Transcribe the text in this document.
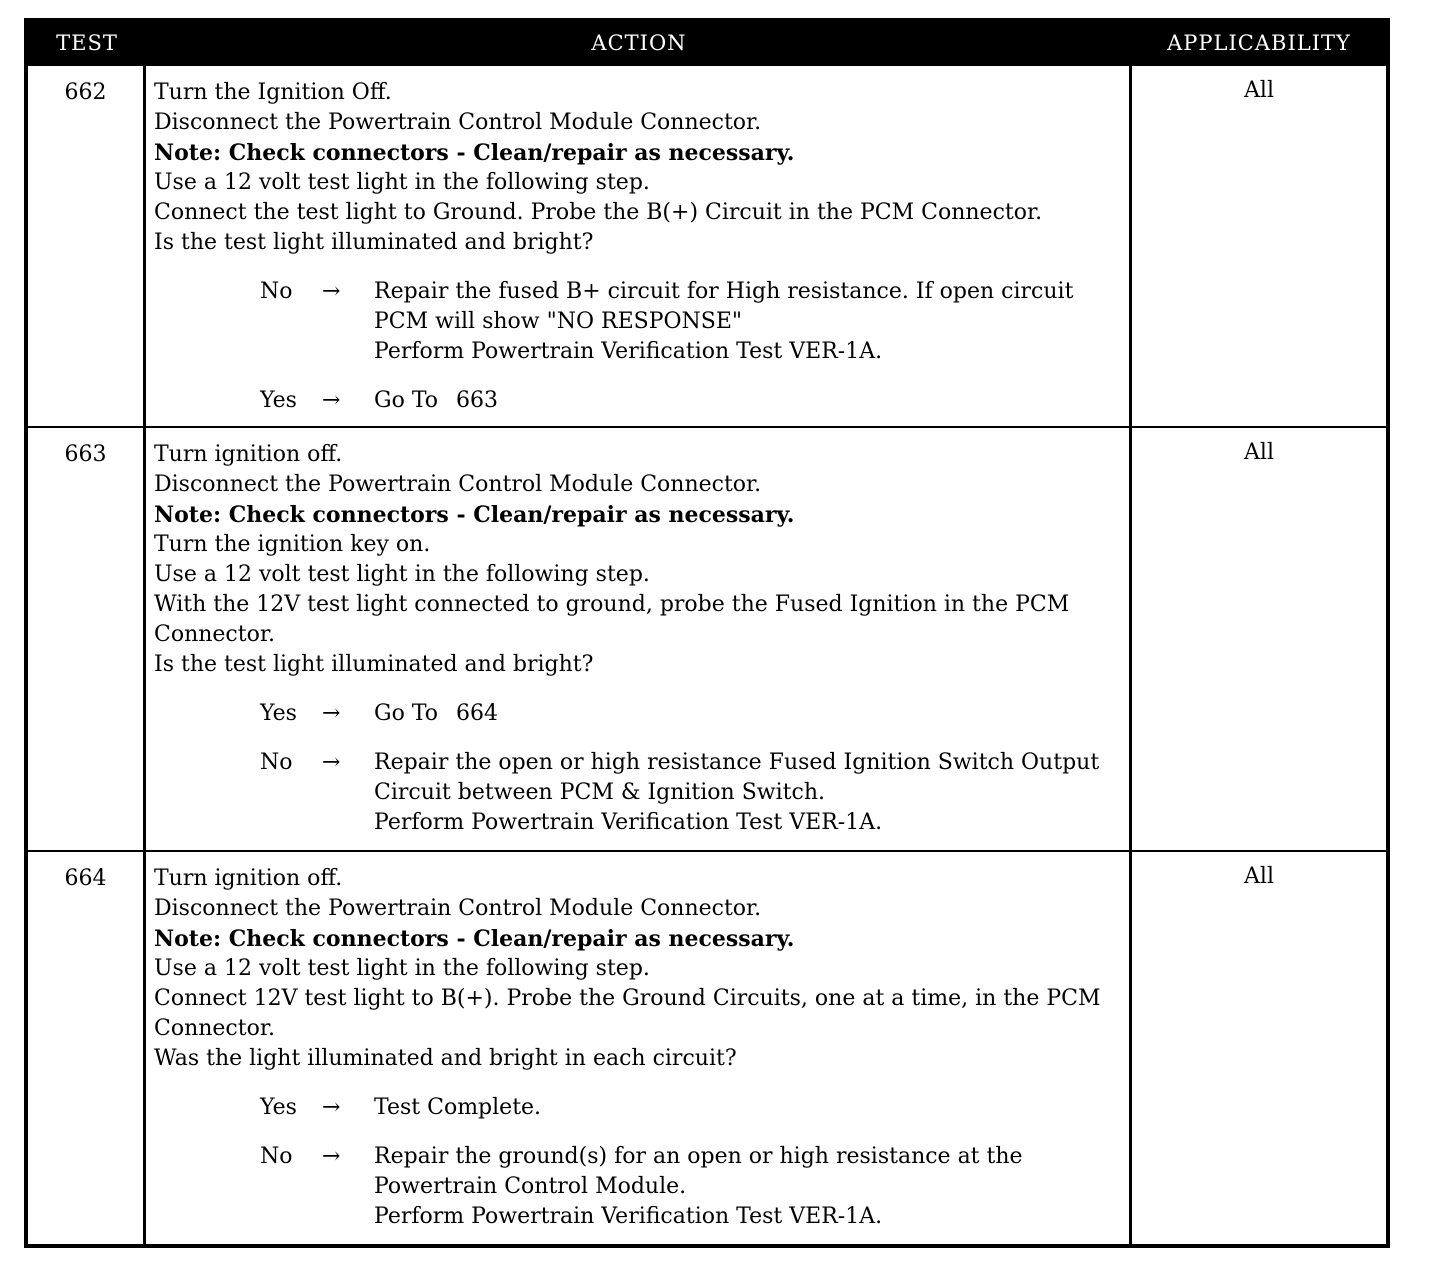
TEST	ACTION	APPLICABILITY
662	Turn the Ignition Off.
Disconnect the Powertrain Control Module Connector.
Note: Check connectors - Clean/repair as necessary.
Use a 12 volt test light in the following step.
Connect the test light to Ground. Probe the B(+) Circuit in the PCM Connector.
Is the test light illuminated and bright?
No	→	Repair the fused B+ circuit for High resistance. If open circuit
PCM will show "NO RESPONSE"
Perform Powertrain Verification Test VER-1A.
Yes	→	Go To 663
All
663	Turn ignition off.
Disconnect the Powertrain Control Module Connector.
Note: Check connectors - Clean/repair as necessary.
Turn the ignition key on.
Use a 12 volt test light in the following step.
With the 12V test light connected to ground, probe the Fused Ignition in the PCM
Connector.
Is the test light illuminated and bright?
Yes	→	Go To 664
No	→	Repair the open or high resistance Fused Ignition Switch Output
Circuit between PCM & Ignition Switch.
Perform Powertrain Verification Test VER-1A.
All
664	Turn ignition off.
Disconnect the Powertrain Control Module Connector.
Note: Check connectors - Clean/repair as necessary.
Use a 12 volt test light in the following step.
Connect 12V test light to B(+). Probe the Ground Circuits, one at a time, in the PCM
Connector.
Was the light illuminated and bright in each circuit?
Yes	→	Test Complete.
No	→	Repair the ground(s) for an open or high resistance at the
Powertrain Control Module.
Perform Powertrain Verification Test VER-1A.
All
